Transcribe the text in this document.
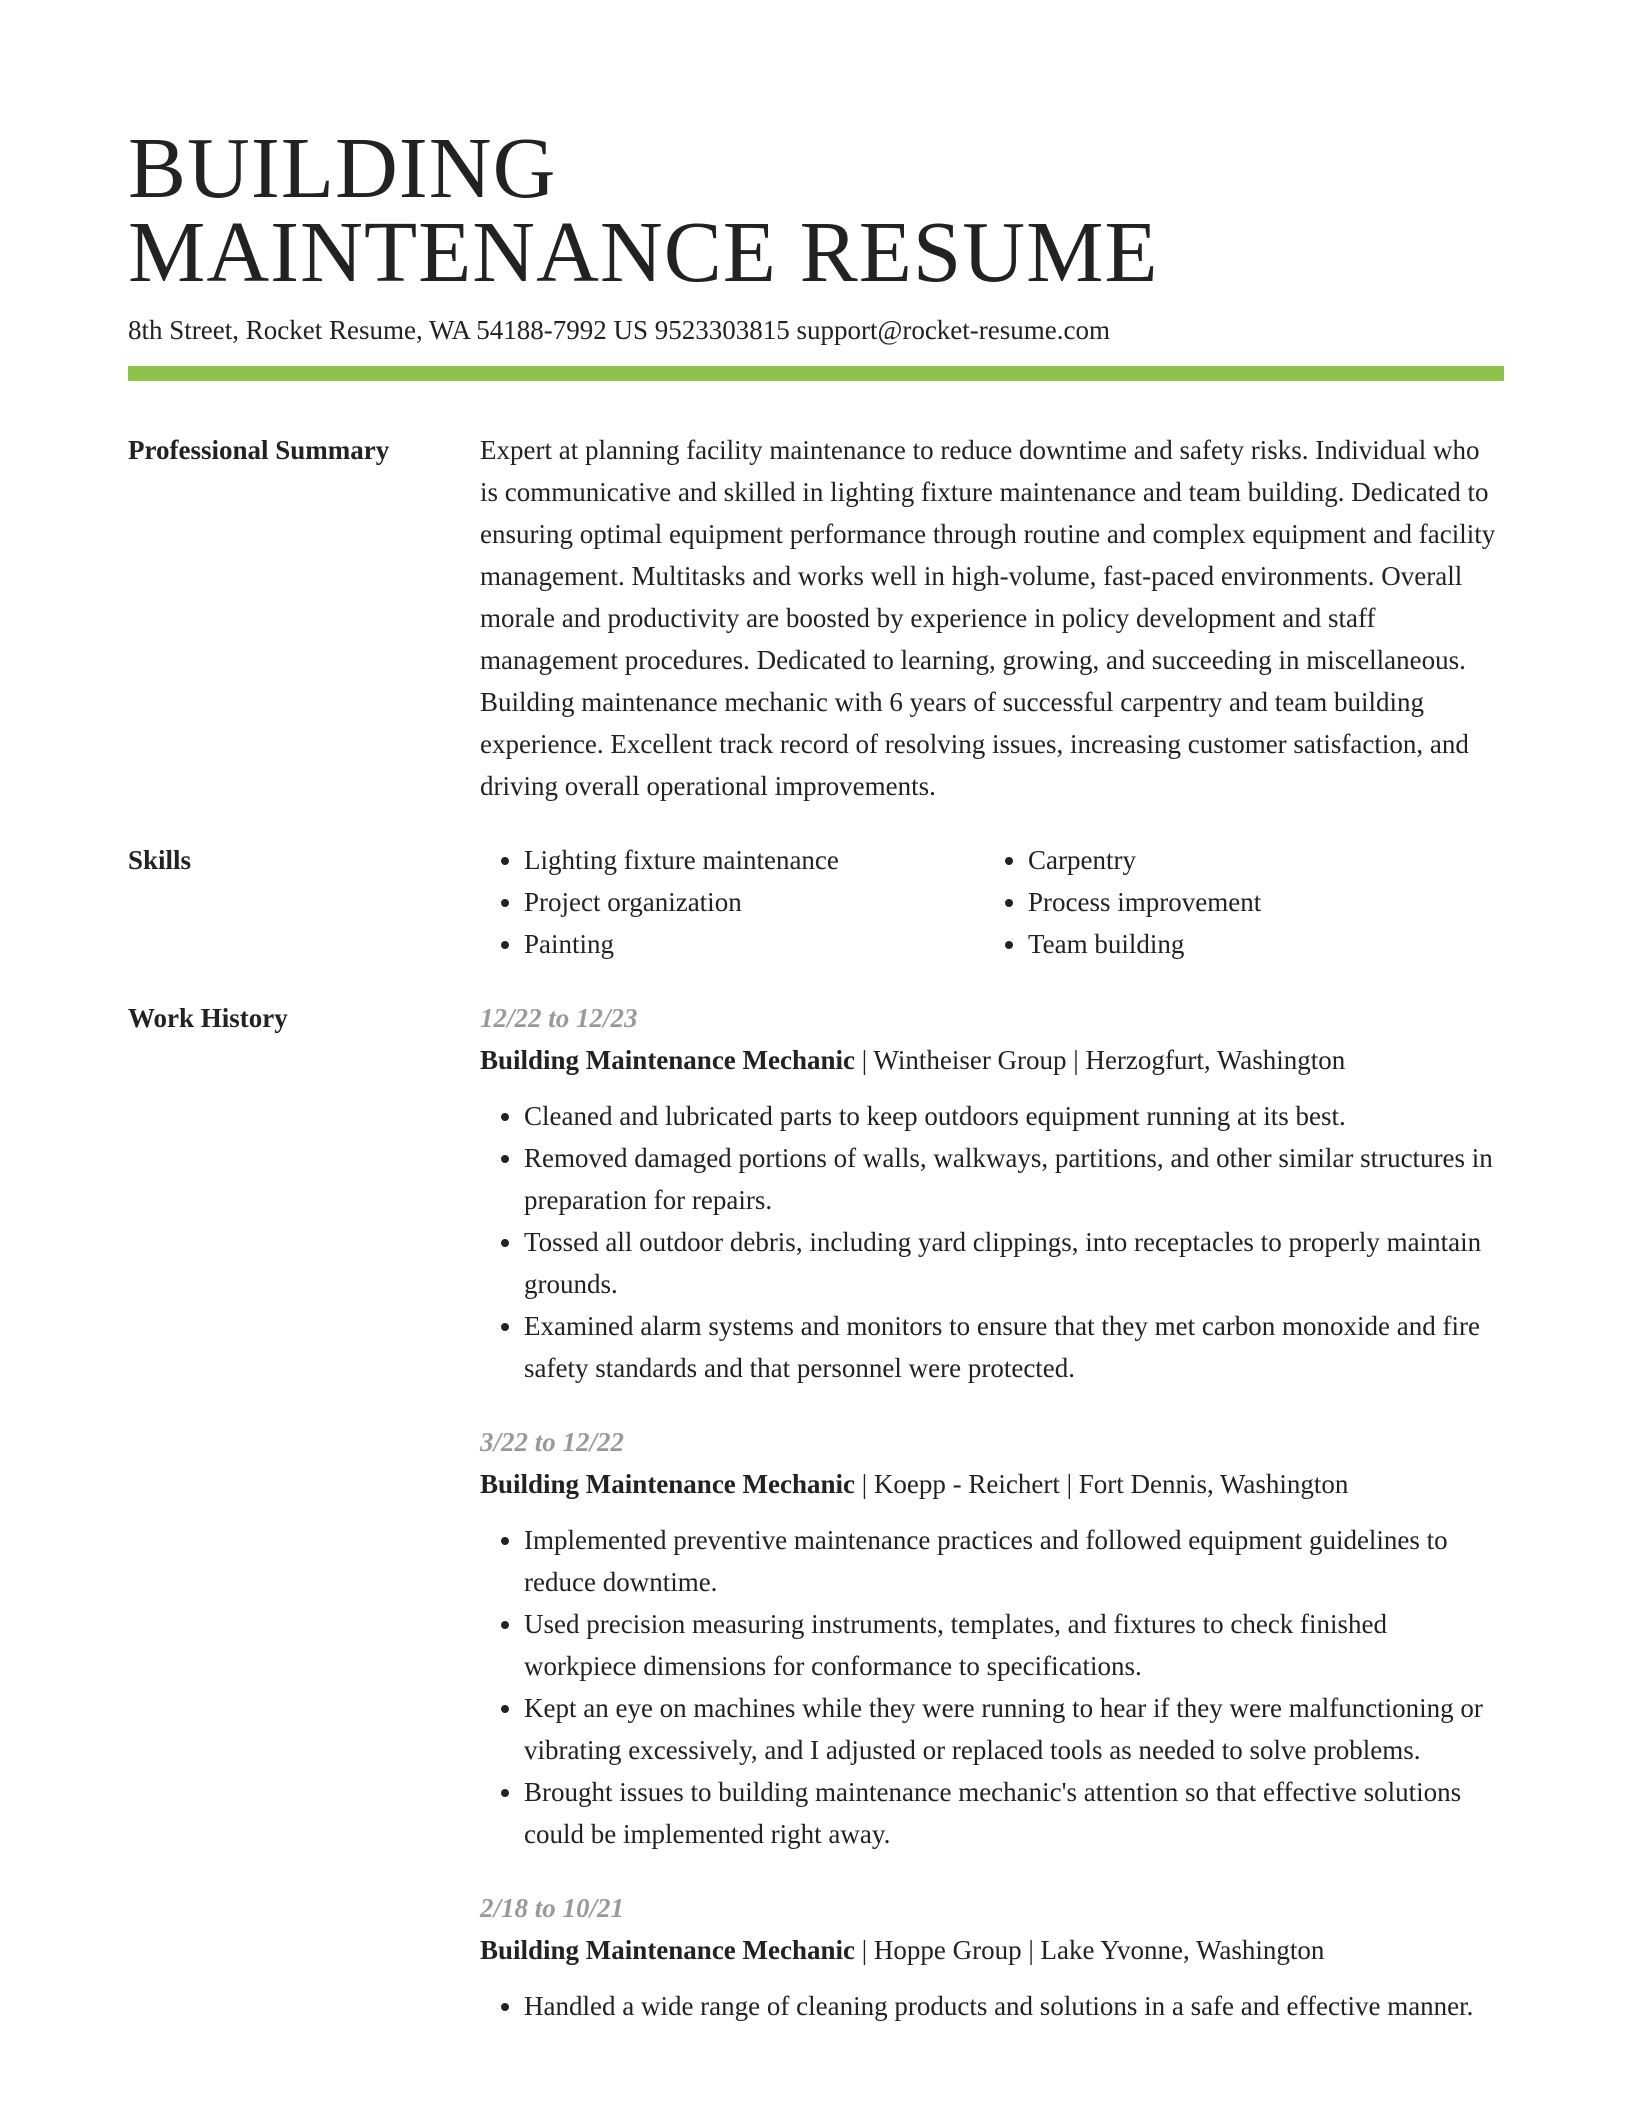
BUILDING
MAINTENANCE RESUME
8th Street, Rocket Resume, WA 54188-7992 US 9523303815 support@rocket-resume.com
Professional Summary	Expert at planning facility maintenance to reduce downtime and safety risks. Individual who is communicative and skilled in lighting fixture maintenance and team building. Dedicated to ensuring optimal equipment performance through routine and complex equipment and facility management. Multitasks and works well in high-volume, fast-paced environments. Overall morale and productivity are boosted by experience in policy development and staff management procedures. Dedicated to learning, growing, and succeeding in miscellaneous. Building maintenance mechanic with 6 years of successful carpentry and team building experience. Excellent track record of resolving issues, increasing customer satisfaction, and driving overall operational improvements.
Skills
•	Lighting fixture maintenance
• Project organization
• Painting
• Carpentry
• Process improvement
• Team building
Work History	12/22 to 12/23
Building Maintenance Mechanic | Wintheiser Group | Herzogfurt, Washington
• Cleaned and lubricated parts to keep outdoors equipment running at its best.
• Removed damaged portions of walls, walkways, partitions, and other similar structures in preparation for repairs.
• Tossed all outdoor debris, including yard clippings, into receptacles to properly maintain grounds.
• Examined alarm systems and monitors to ensure that they met carbon monoxide and fire safety standards and that personnel were protected.
3/22 to 12/22
Building Maintenance Mechanic | Koepp - Reichert | Fort Dennis, Washington
• Implemented preventive maintenance practices and followed equipment guidelines to reduce downtime.
• Used precision measuring instruments, templates, and fixtures to check finished workpiece dimensions for conformance to specifications.
• Kept an eye on machines while they were running to hear if they were malfunctioning or vibrating excessively, and I adjusted or replaced tools as needed to solve problems.
• Brought issues to building maintenance mechanic's attention so that effective solutions could be implemented right away.
2/18 to 10/21
Building Maintenance Mechanic | Hoppe Group | Lake Yvonne, Washington
• Handled a wide range of cleaning products and solutions in a safe and effective manner.
